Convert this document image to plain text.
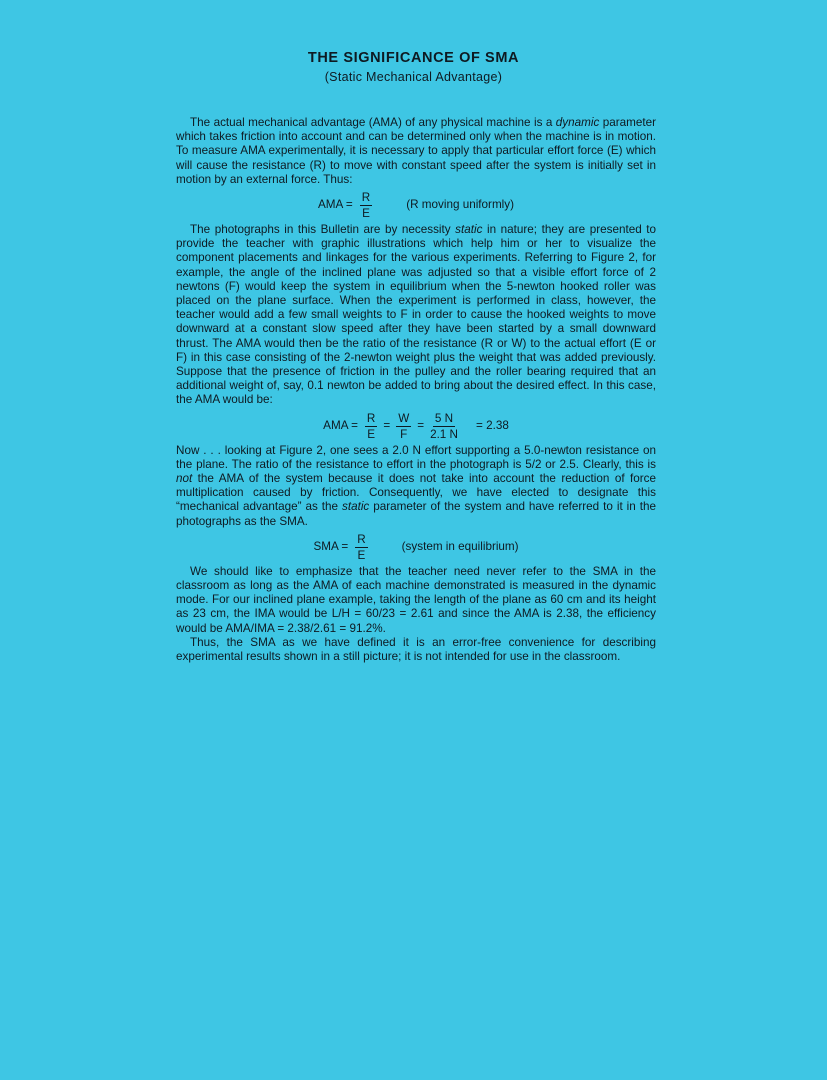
THE SIGNIFICANCE OF SMA
(Static Mechanical Advantage)

The actual mechanical advantage (AMA) of any physical machine is a dynamic parameter which takes friction into account and can be determined only when the machine is in motion. To measure AMA experimentally, it is necessary to apply that particular effort force (E) which will cause the resistance (R) to move with constant speed after the system is initially set in motion by an external force. Thus:

AMA = $\frac{R}{E}$	(R moving uniformly)

The photographs in this Bulletin are by necessity static in nature; they are presented to provide the teacher with graphic illustrations which help him or her to visualize the component placements and linkages for the various experiments. Referring to Figure 2, for example, the angle of the inclined plane was adjusted so that a visible effort force of 2 newtons (F) would keep the system in equilibrium when the 5-newton hooked roller was placed on the plane surface. When the experiment is performed in class, however, the teacher would add a few small weights to F in order to cause the hooked weights to move downward at a constant slow speed after they have been started by a small downward thrust. The AMA would then be the ratio of the resistance (R or W) to the actual effort (E or F) in this case consisting of the 2-newton weight plus the weight that was added previously. Suppose that the presence of friction in the pulley and the roller bearing required that an additional weight of, say, 0.1 newton be added to bring about the desired effect. In this case, the AMA would be:

AMA = $\frac{R}{E} = \frac{W}{F} = \frac{5 N}{2.1 N} = 2.38$

Now . . . looking at Figure 2, one sees a 2.0 N effort supporting a 5.0-newton resistance on the plane. The ratio of the resistance to effort in the photograph is 5/2 or 2.5. Clearly, this is not the AMA of the system because it does not take into account the reduction of force multiplication caused by friction. Consequently, we have elected to designate this “mechanical advantage” as the static parameter of the system and have referred to it in the photographs as the SMA.

SMA = $\frac{R}{E}$	(system in equilibrium)

We should like to emphasize that the teacher need never refer to the SMA in the classroom as long as the AMA of each machine demonstrated is measured in the dynamic mode. For our inclined plane example, taking the length of the plane as 60 cm and its height as 23 cm, the IMA would be L/H = 60/23 = 2.61 and since the AMA is 2.38, the efficiency would be AMA/IMA = 2.38/2.61 = 91.2%.

Thus, the SMA as we have defined it is an error-free convenience for describing experimental results shown in a still picture; it is not intended for use in the classroom.
